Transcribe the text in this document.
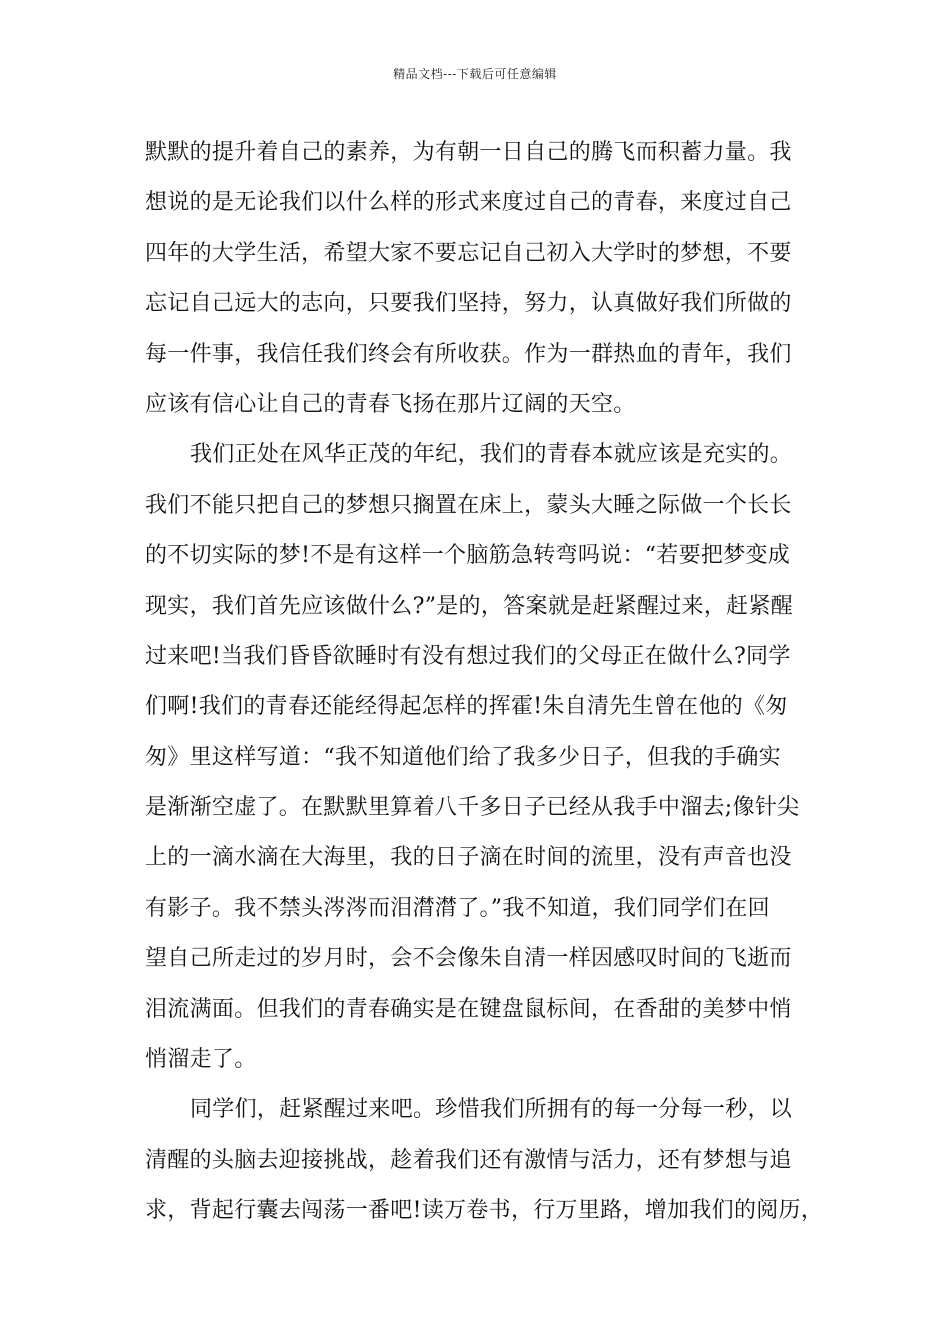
精品文档---下载后可任意编辑
默默的提升着自己的素养，为有朝一日自己的腾飞而积蓄力量。我
想说的是无论我们以什么样的形式来度过自己的青春，来度过自己
四年的大学生活，希望大家不要忘记自己初入大学时的梦想，不要
忘记自己远大的志向，只要我们坚持，努力，认真做好我们所做的
每一件事，我信任我们终会有所收获。作为一群热血的青年，我们
应该有信心让自己的青春飞扬在那片辽阔的天空。
我们正处在风华正茂的年纪，我们的青春本就应该是充实的。
我们不能只把自己的梦想只搁置在床上，蒙头大睡之际做一个长长
的不切实际的梦!不是有这样一个脑筋急转弯吗说：“若要把梦变成
现实，我们首先应该做什么?”是的，答案就是赶紧醒过来，赶紧醒
过来吧!当我们昏昏欲睡时有没有想过我们的父母正在做什么?同学
们啊!我们的青春还能经得起怎样的挥霍!朱自清先生曾在他的《匆
匆》里这样写道：“我不知道他们给了我多少日子，但我的手确实
是渐渐空虚了。在默默里算着八千多日子已经从我手中溜去;像针尖
上的一滴水滴在大海里，我的日子滴在时间的流里，没有声音也没
有影子。我不禁头涔涔而泪潸潸了。”我不知道，我们同学们在回
望自己所走过的岁月时，会不会像朱自清一样因感叹时间的飞逝而
泪流满面。但我们的青春确实是在键盘鼠标间，在香甜的美梦中悄
悄溜走了。
同学们，赶紧醒过来吧。珍惜我们所拥有的每一分每一秒，以
清醒的头脑去迎接挑战，趁着我们还有激情与活力，还有梦想与追
求，背起行囊去闯荡一番吧!读万卷书，行万里路，增加我们的阅历，
